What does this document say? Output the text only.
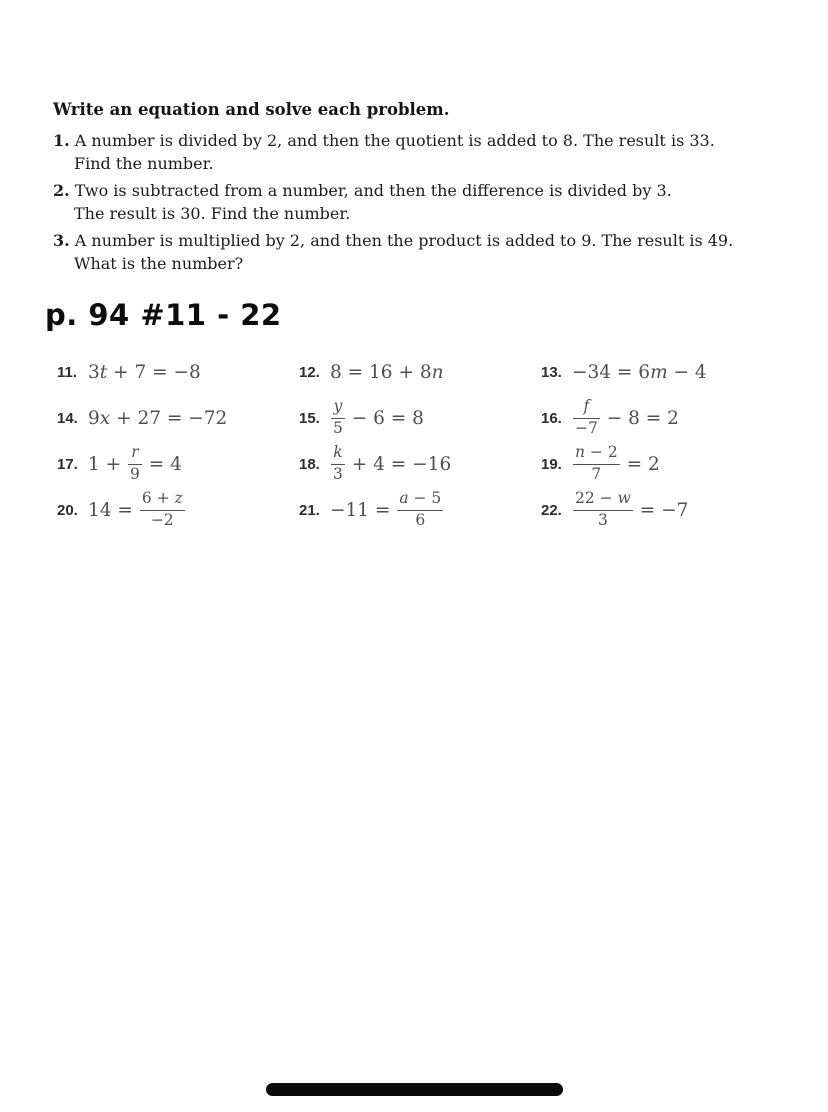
Write an equation and solve each problem.
1. A number is divided by 2, and then the quotient is added to 8. The result is 33.
Find the number.
2. Two is subtracted from a number, and then the difference is divided by 3.
The result is 30. Find the number.
3. A number is multiplied by 2, and then the product is added to 9. The result is 49.
What is the number?
p. 94 #11 - 22
11. 3 t + 7 = −8	12. 8 = 16 + 8 n	13. −34 = 6 m − 4
14. 9 x + 27 = −72	15. $\frac{y}{5} - 6 = 8$	16. $\frac{f}{-7} - 8 = 2$
17. $1 + \frac{r}{9} = 4$	18. $\frac{k}{3} + 4 = -16$	19. $\frac{n - 2}{7} = 2$
20. $14 = \frac{6 + z}{-2}$	21. $-11 = \frac{a - 5}{6}$	22. $\frac{22 - w}{3} = -7$
